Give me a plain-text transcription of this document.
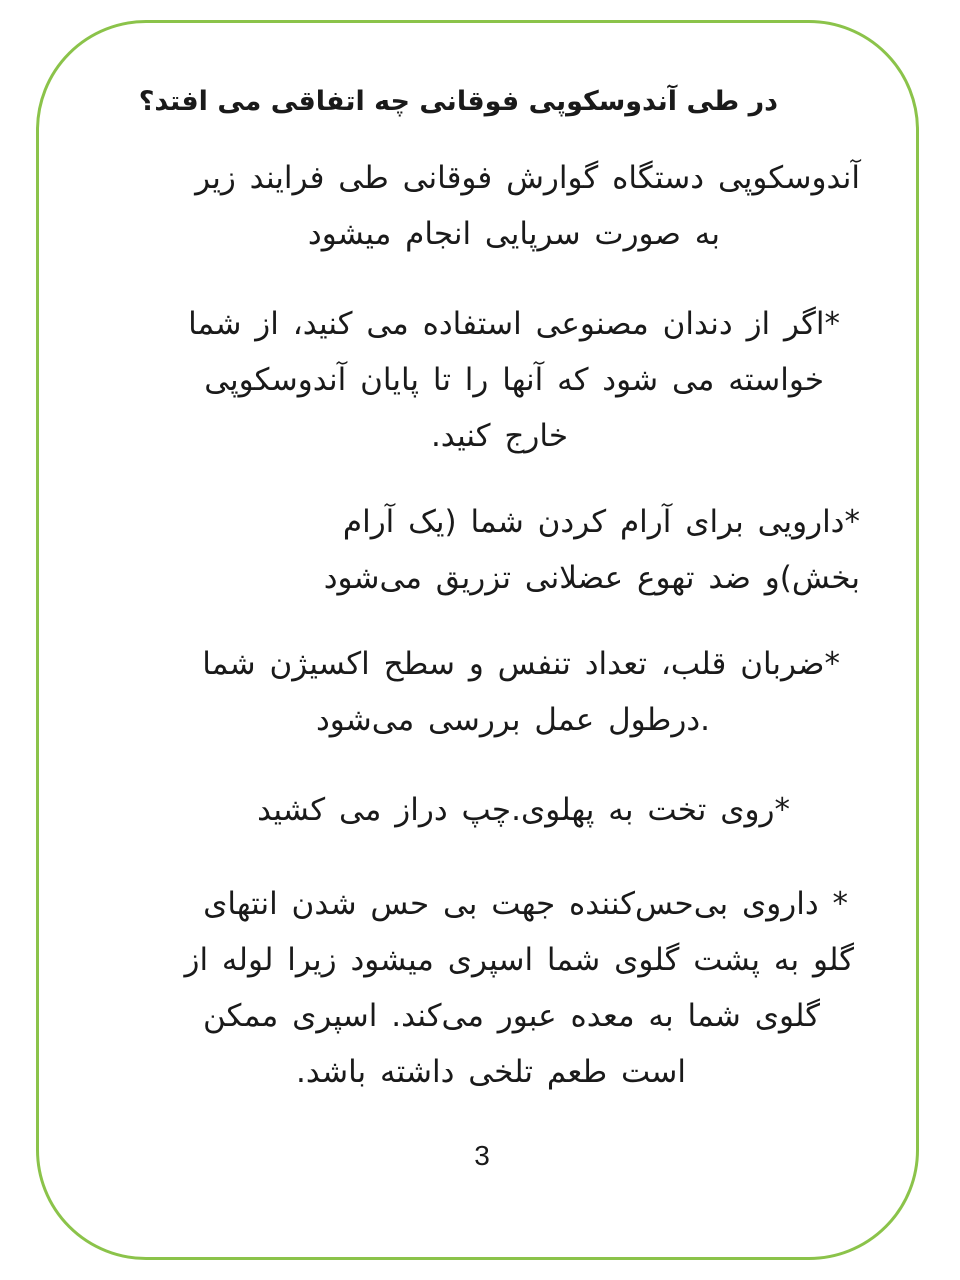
در طی آندوسکوپی فوقانی چه اتفاقی می افتد؟

آندوسکوپی دستگاه گوارش فوقانی طی فرایند زیر
به صورت سرپایی انجام میشود

*اگر از دندان مصنوعی استفاده می کنید، از شما
خواسته می شود که آنها را تا پایان آندوسکوپی
خارج کنید.

*دارویی برای آرام کردن شما (یک آرام
بخش)و ضد تهوع عضلانی تزریق می‌شود

*ضربان قلب، تعداد تنفس و سطح اکسیژن شما
.درطول عمل بررسی می‌شود

*روی تخت به پهلوی.چپ دراز می کشید

* داروی بی‌حس‌کننده جهت بی حس شدن انتهای
گلو به پشت گلوی شما اسپری میشود زیرا لوله از
گلوی شما به معده عبور می‌کند. اسپری ممکن
است طعم تلخی داشته باشد.

3
